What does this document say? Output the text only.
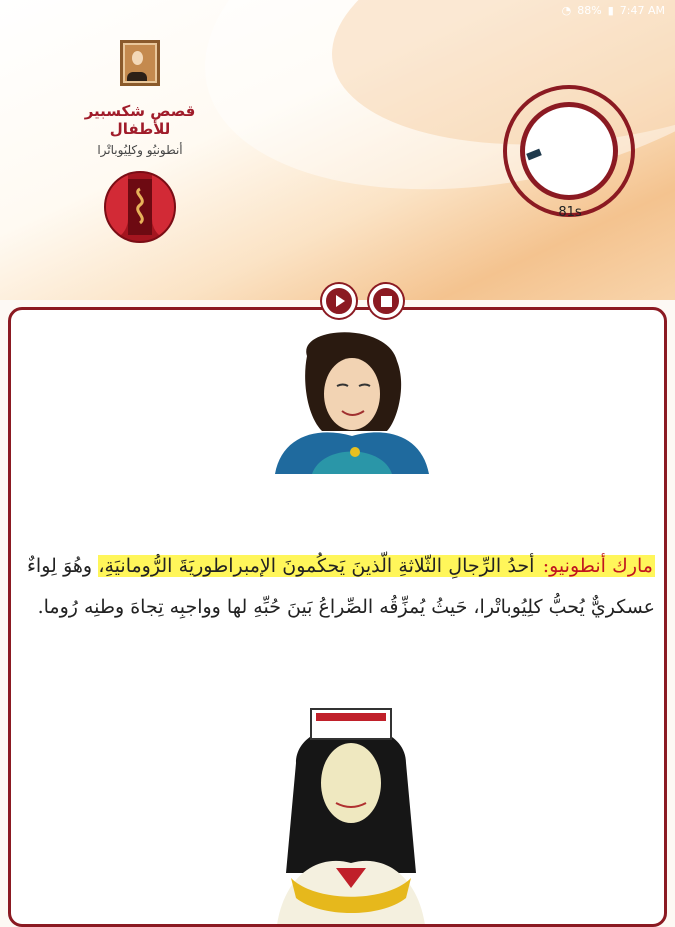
◔ 88% ▮ 7:47 AM
قصص شكسبير للأطفال
أنطونيُو وكلِيُوباتْرا
81s
مارك أنطونيو: أحدُ الرِّجالِ الثّلاثةِ الّذينَ يَحكُمونَ الإمبراطوريَةَ الرُّومانيَةِ، وهُوَ لِواءٌ عسكريٌّ يُحبُّ كلِيُوباتْرا، حَيثُ يُمزِّقُه الصِّراعُ بَينَ حُبِّهِ لها وواجبِه تِجاهَ وطنِه رُوما.
